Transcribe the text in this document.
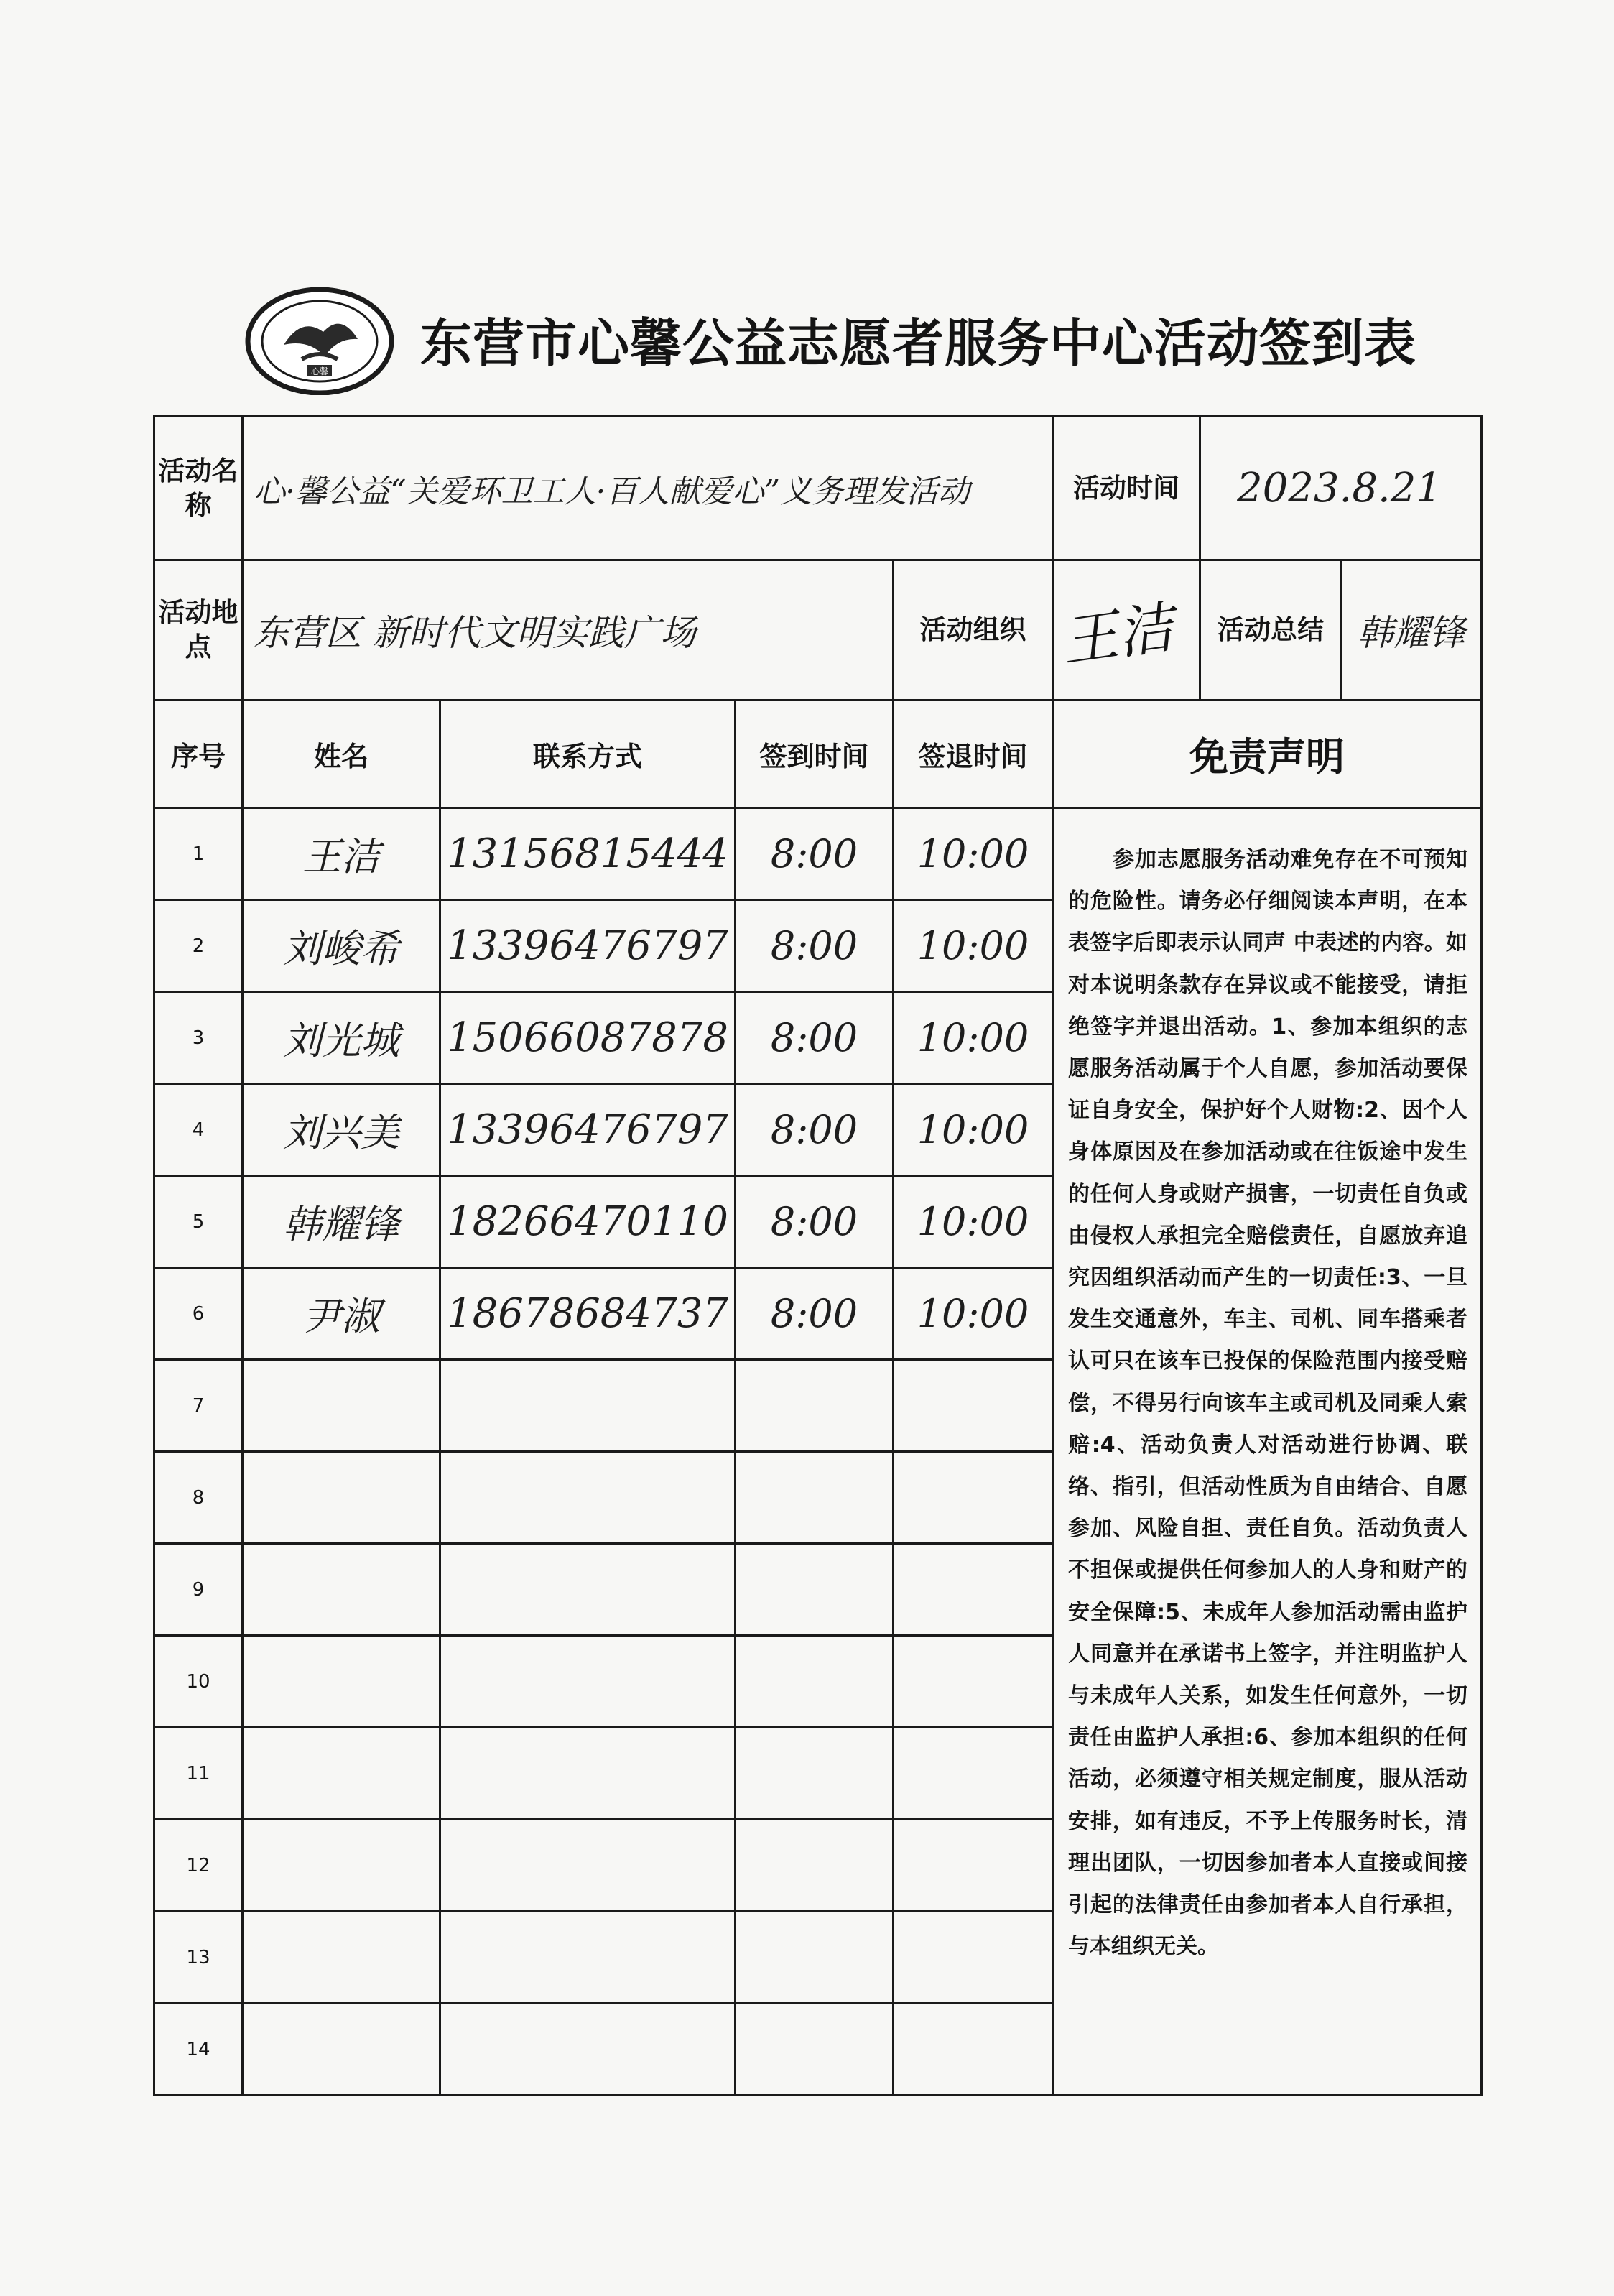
心馨 东营市心馨公益志愿者服务中心活动签到表
活动名称	心·馨公益“关爱环卫工人·百人献爱心”义务理发活动				活动时间	2023.8.21	
活动地点	东营区 新时代文明实践广场			活动组织	王洁	活动总结	韩耀锋
序号	姓名	联系方式	签到时间	签退时间	免责声明		
1	王洁	13156815444	8:00	10:00	　　参加志愿服务活动难免存在不可预知的危险性。请务必仔细阅读本声明，在本表签字后即表示认同声 中表述的内容。如对本说明条款存在异议或不能接受，请拒绝签字并退出活动。1、参加本组织的志愿服务活动属于个人自愿，参加活动要保证自身安全，保护好个人财物:2、因个人身体原因及在参加活动或在往饭途中发生的任何人身或财产损害，一切责任自负或由侵权人承担完全赔偿责任，自愿放弃追究因组织活动而产生的一切责任:3、一旦发生交通意外，车主、司机、同车搭乘者认可只在该车已投保的保险范围内接受赔偿，不得另行向该车主或司机及同乘人索赔:4、活动负责人对活动进行协调、联络、指引，但活动性质为自由结合、自愿参加、风险自担、责任自负。活动负责人不担保或提供任何参加人的人身和财产的安全保障:5、未成年人参加活动需由监护人同意并在承诺书上签字，并注明监护人与未成年人关系，如发生任何意外，一切责任由监护人承担:6、参加本组织的任何活动，必须遵守相关规定制度，服从活动安排，如有违反，不予上传服务时长，清理出团队，一切因参加者本人直接或间接引起的法律责任由参加者本人自行承担，与本组织无关。		
2	刘峻希	13396476797	8:00	10:00			
3	刘光城	15066087878	8:00	10:00			
4	刘兴美	13396476797	8:00	10:00			
5	韩耀锋	18266470110	8:00	10:00			
6	尹淑	18678684737	8:00	10:00			
7							
8							
9							
10							
11							
12							
13							
14							
